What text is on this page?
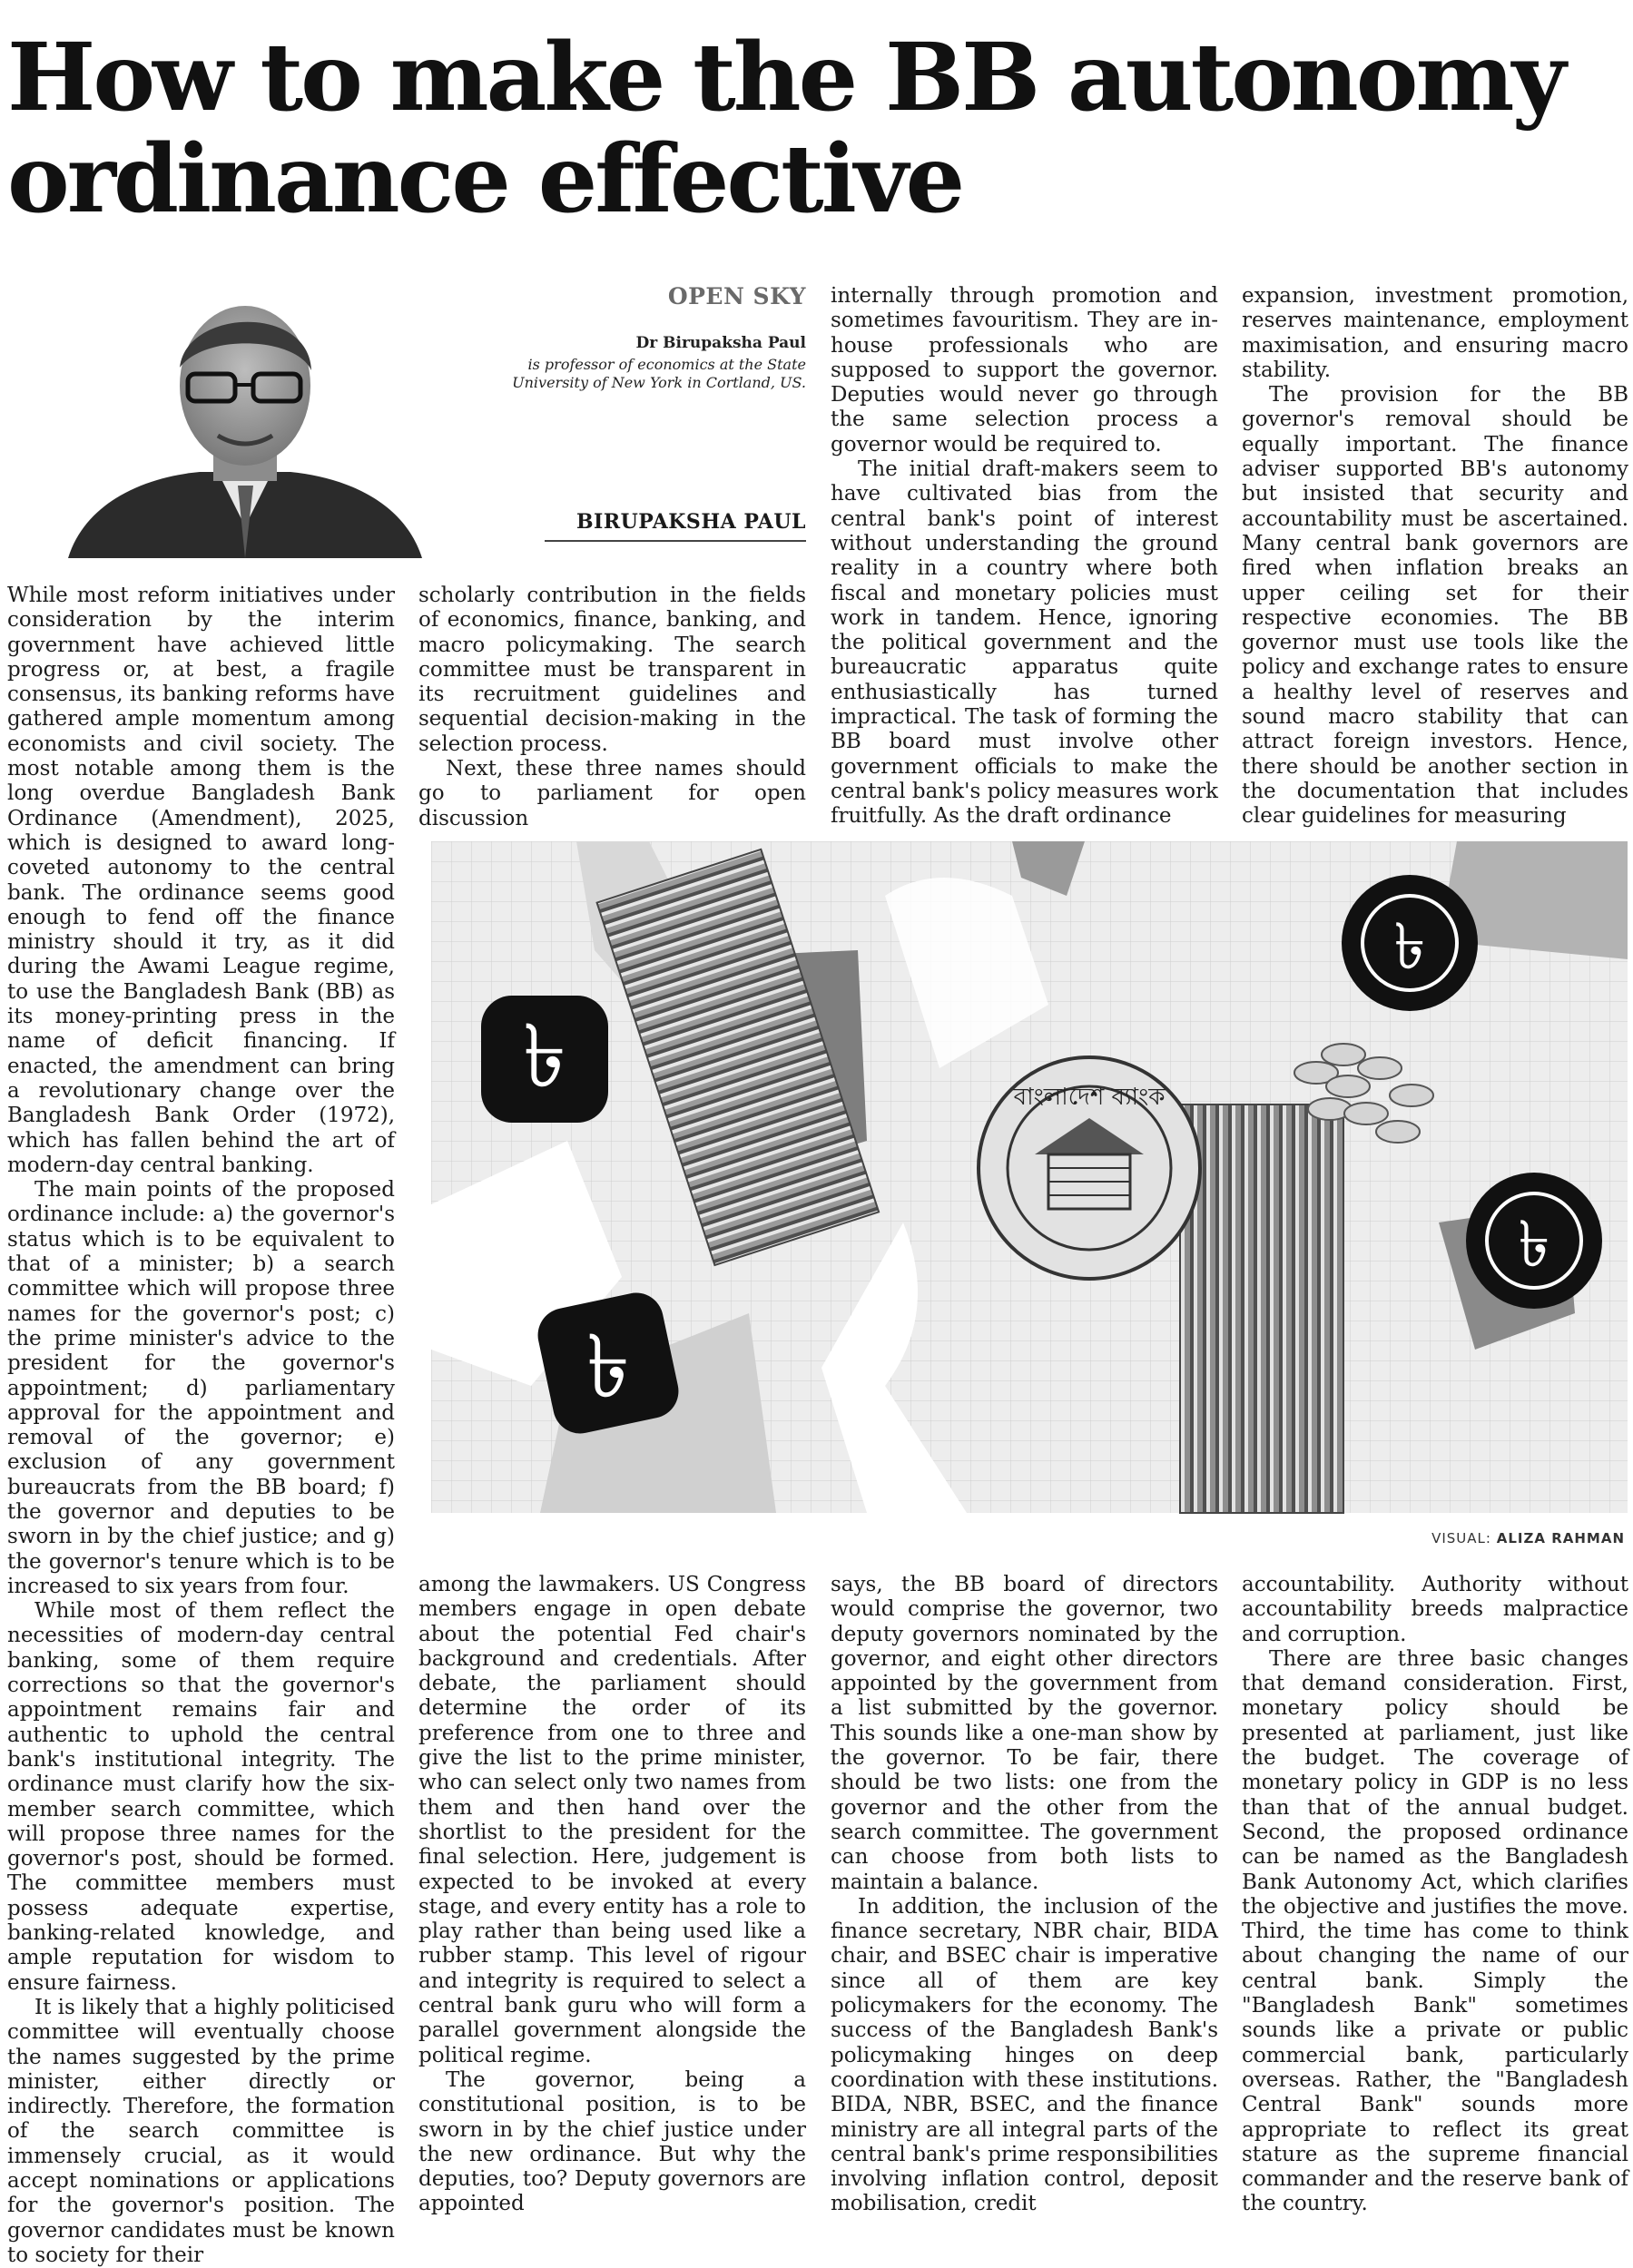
How to make the BB autonomy ordinance effective
OPEN SKY
Dr Birupaksha Paul
is professor of economics at the State University of New York in Cortland, US.
BIRUPAKSHA PAUL

internally through promotion and sometimes favouritism. They are in-house professionals who are supposed to support the governor. Deputies would never go through the same selection process a governor would be required to.

The initial draft-makers seem to have cultivated bias from the central bank's point of interest without understanding the ground reality in a country where both fiscal and monetary policies must work in tandem. Hence, ignoring the political government and the bureaucratic apparatus quite enthusiastically has turned impractical. The task of forming the BB board must involve other government officials to make the central bank's policy measures work fruitfully. As the draft ordinance

expansion, investment promotion, reserves maintenance, employment maximisation, and ensuring macro stability.

The provision for the BB governor's removal should be equally important. The finance adviser supported BB's autonomy but insisted that security and accountability must be ascertained. Many central bank governors are fired when inflation breaks an upper ceiling set for their respective economies. The BB governor must use tools like the policy and exchange rates to ensure a healthy level of reserves and sound macro stability that can attract foreign investors. Hence, there should be another section in the documentation that includes clear guidelines for measuring

While most reform initiatives under consideration by the interim government have achieved little progress or, at best, a fragile consensus, its banking reforms have gathered ample momentum among economists and civil society. The most notable among them is the long overdue Bangladesh Bank Ordinance (Amendment), 2025, which is designed to award long-coveted autonomy to the central bank. The ordinance seems good enough to fend off the finance ministry should it try, as it did during the Awami League regime, to use the Bangladesh Bank (BB) as its money-printing press in the name of deficit financing. If enacted, the amendment can bring a revolutionary change over the Bangladesh Bank Order (1972), which has fallen behind the art of modern-day central banking.

The main points of the proposed ordinance include: a) the governor's status which is to be equivalent to that of a minister; b) a search committee which will propose three names for the governor's post; c) the prime minister's advice to the president for the governor's appointment; d) parliamentary approval for the appointment and removal of the governor; e) exclusion of any government bureaucrats from the BB board; f) the governor and deputies to be sworn in by the chief justice; and g) the governor's tenure which is to be increased to six years from four.

While most of them reflect the necessities of modern-day central banking, some of them require corrections so that the governor's appointment remains fair and authentic to uphold the central bank's institutional integrity. The ordinance must clarify how the six-member search committee, which will propose three names for the governor's post, should be formed. The committee members must possess adequate expertise, banking-related knowledge, and ample reputation for wisdom to ensure fairness.

It is likely that a highly politicised committee will eventually choose the names suggested by the prime minister, either directly or indirectly. Therefore, the formation of the search committee is immensely crucial, as it would accept nominations or applications for the governor's position. The governor candidates must be known to society for their

scholarly contribution in the fields of economics, finance, banking, and macro policymaking. The search committee must be transparent in its recruitment guidelines and sequential decision-making in the selection process.

Next, these three names should go to parliament for open discussion

বাংলাদেশ ব্যাংক
৳
৳
৳
৳
VISUAL: ALIZA RAHMAN

among the lawmakers. US Congress members engage in open debate about the potential Fed chair's background and credentials. After debate, the parliament should determine the order of its preference from one to three and give the list to the prime minister, who can select only two names from them and then hand over the shortlist to the president for the final selection. Here, judgement is expected to be invoked at every stage, and every entity has a role to play rather than being used like a rubber stamp. This level of rigour and integrity is required to select a central bank guru who will form a parallel government alongside the political regime.

The governor, being a constitutional position, is to be sworn in by the chief justice under the new ordinance. But why the deputies, too? Deputy governors are appointed

says, the BB board of directors would comprise the governor, two deputy governors nominated by the governor, and eight other directors appointed by the government from a list submitted by the governor. This sounds like a one-man show by the governor. To be fair, there should be two lists: one from the governor and the other from the search committee. The government can choose from both lists to maintain a balance.

In addition, the inclusion of the finance secretary, NBR chair, BIDA chair, and BSEC chair is imperative since all of them are key policymakers for the economy. The success of the Bangladesh Bank's policymaking hinges on deep coordination with these institutions. BIDA, NBR, BSEC, and the finance ministry are all integral parts of the central bank's prime responsibilities involving inflation control, deposit mobilisation, credit

accountability. Authority without accountability breeds malpractice and corruption.

There are three basic changes that demand consideration. First, monetary policy should be presented at parliament, just like the budget. The coverage of monetary policy in GDP is no less than that of the annual budget. Second, the proposed ordinance can be named as the Bangladesh Bank Autonomy Act, which clarifies the objective and justifies the move. Third, the time has come to think about changing the name of our central bank. Simply the "Bangladesh Bank" sometimes sounds like a private or public commercial bank, particularly overseas. Rather, the "Bangladesh Central Bank" sounds more appropriate to reflect its great stature as the supreme financial commander and the reserve bank of the country.
